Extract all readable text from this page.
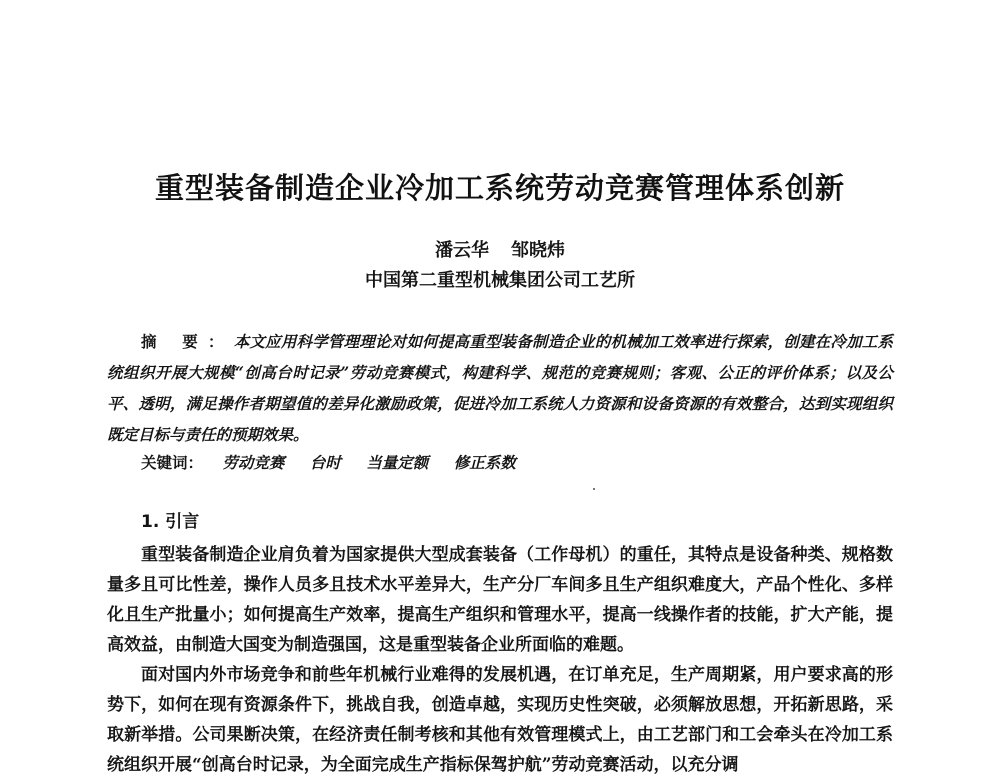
重型装备制造企业冷加工系统劳动竞赛管理体系创新
潘云华 邹晓炜
中国第二重型机械集团公司工艺所

摘 要：本文应用科学管理理论对如何提高重型装备制造企业的机械加工效率进行探索，创建在冷加工系统组织开展大规模“创高台时记录”劳动竞赛模式，构建科学、规范的竞赛规则；客观、公正的评价体系；以及公平、透明，满足操作者期望值的差异化激励政策，促进冷加工系统人力资源和设备资源的有效整合，达到实现组织既定目标与责任的预期效果。

关键词： 劳动竞赛 台时 当量定额 修正系数
1. 引言

重型装备制造企业肩负着为国家提供大型成套装备（工作母机）的重任，其特点是设备种类、规格数量多且可比性差，操作人员多且技术水平差异大，生产分厂车间多且生产组织难度大，产品个性化、多样化且生产批量小；如何提高生产效率，提高生产组织和管理水平，提高一线操作者的技能，扩大产能，提高效益，由制造大国变为制造强国，这是重型装备企业所面临的难题。

面对国内外市场竞争和前些年机械行业难得的发展机遇，在订单充足，生产周期紧，用户要求高的形势下，如何在现有资源条件下，挑战自我，创造卓越，实现历史性突破，必须解放思想，开拓新思路，采取新举措。公司果断决策，在经济责任制考核和其他有效管理模式上，由工艺部门和工会牵头在冷加工系统组织开展“创高台时记录，为全面完成生产指标保驾护航”劳动竞赛活动，以充分调
